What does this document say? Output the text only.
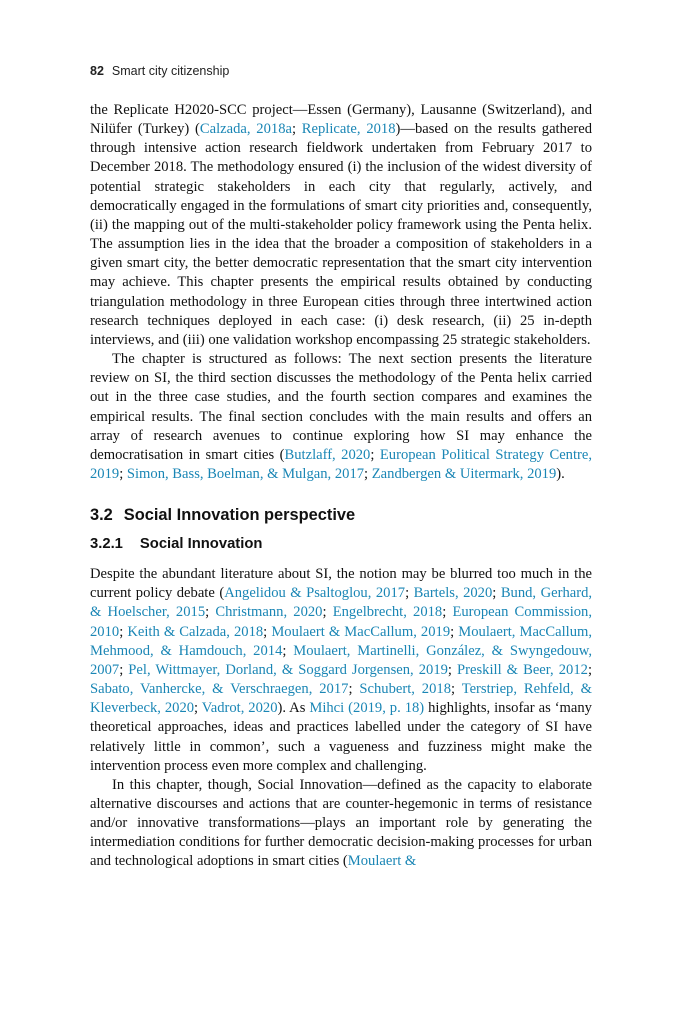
82 Smart city citizenship

the Replicate H2020-SCC project—Essen (Germany), Lausanne (Switzerland), and Nilüfer (Turkey) (Calzada, 2018a; Replicate, 2018)—based on the results gathered through intensive action research fieldwork undertaken from February 2017 to December 2018. The methodology ensured (i) the inclusion of the widest diversity of potential strategic stakeholders in each city that regularly, actively, and democratically engaged in the formulations of smart city priorities and, consequently, (ii) the mapping out of the multi-stakeholder policy framework using the Penta helix. The assumption lies in the idea that the broader a composition of stakeholders in a given smart city, the better democratic representation that the smart city intervention may achieve. This chapter presents the empirical results obtained by conducting triangulation methodology in three European cities through three intertwined action research techniques deployed in each case: (i) desk research, (ii) 25 in-depth interviews, and (iii) one validation workshop encompassing 25 strategic stakeholders.

The chapter is structured as follows: The next section presents the literature review on SI, the third section discusses the methodology of the Penta helix carried out in the three case studies, and the fourth section compares and examines the empirical results. The final section concludes with the main results and offers an array of research avenues to continue exploring how SI may enhance the democratisation in smart cities (Butzlaff, 2020; European Political Strategy Centre, 2019; Simon, Bass, Boelman, & Mulgan, 2017; Zandbergen & Uitermark, 2019).

3.2 Social Innovation perspective
3.2.1 Social Innovation

Despite the abundant literature about SI, the notion may be blurred too much in the current policy debate (Angelidou & Psaltoglou, 2017; Bartels, 2020; Bund, Gerhard, & Hoelscher, 2015; Christmann, 2020; Engelbrecht, 2018; European Commission, 2010; Keith & Calzada, 2018; Moulaert & MacCallum, 2019; Moulaert, MacCallum, Mehmood, & Hamdouch, 2014; Moulaert, Martinelli, González, & Swyngedouw, 2007; Pel, Wittmayer, Dorland, & Soggard Jorgensen, 2019; Preskill & Beer, 2012; Sabato, Vanhercke, & Verschraegen, 2017; Schubert, 2018; Terstriep, Rehfeld, & Kleverbeck, 2020; Vadrot, 2020). As Mihci (2019, p. 18) highlights, insofar as ‘many theoretical approaches, ideas and practices labelled under the category of SI have relatively little in common’, such a vagueness and fuzziness might make the intervention process even more complex and challenging.

In this chapter, though, Social Innovation—defined as the capacity to elaborate alternative discourses and actions that are counter-hegemonic in terms of resistance and/or innovative transformations—plays an important role by generating the intermediation conditions for further democratic decision-making processes for urban and technological adoptions in smart cities (Moulaert &
